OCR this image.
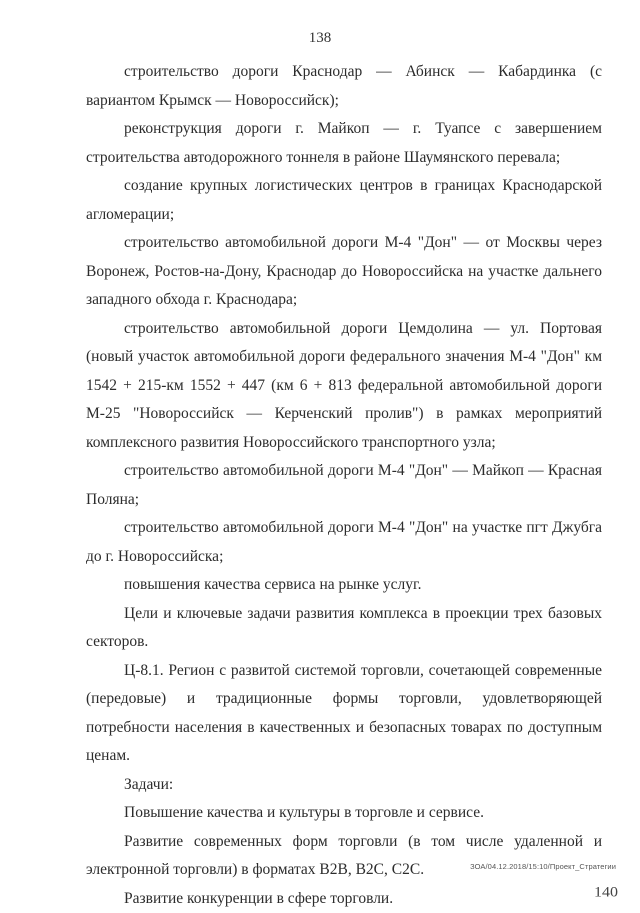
138

строительство дороги Краснодар — Абинск — Кабардинка (с вариантом Крымск — Новороссийск);

реконструкция дороги г. Майкоп — г. Туапсе с завершением строительства автодорожного тоннеля в районе Шаумянского перевала;

создание крупных логистических центров в границах Краснодарской агломерации;

строительство автомобильной дороги М-4 "Дон" — от Москвы через Воронеж, Ростов-на-Дону, Краснодар до Новороссийска на участке дальнего западного обхода г. Краснодара;

строительство автомобильной дороги Цемдолина — ул. Портовая (новый участок автомобильной дороги федерального значения М-4 "Дон" км 1542 + 215-км 1552 + 447 (км 6 + 813 федеральной автомобильной дороги М-25 "Новороссийск — Керченский пролив") в рамках мероприятий комплексного развития Новороссийского транспортного узла;

строительство автомобильной дороги М-4 "Дон" — Майкоп — Красная Поляна;

строительство автомобильной дороги М-4 "Дон" на участке пгт Джубга до г. Новороссийска;

повышения качества сервиса на рынке услуг.

Цели и ключевые задачи развития комплекса в проекции трех базовых секторов.

Ц-8.1. Регион с развитой системой торговли, сочетающей современные (передовые) и традиционные формы торговли, удовлетворяющей потребности населения в качественных и безопасных товарах по доступным ценам.

Задачи:

Повышение качества и культуры в торговле и сервисе.

Развитие современных форм торговли (в том числе удаленной и электронной торговли) в форматах B2B, B2C, C2C.

Развитие конкуренции в сфере торговли.

ЗОА/04.12.2018/15:10/Проект_Стратегии
140
